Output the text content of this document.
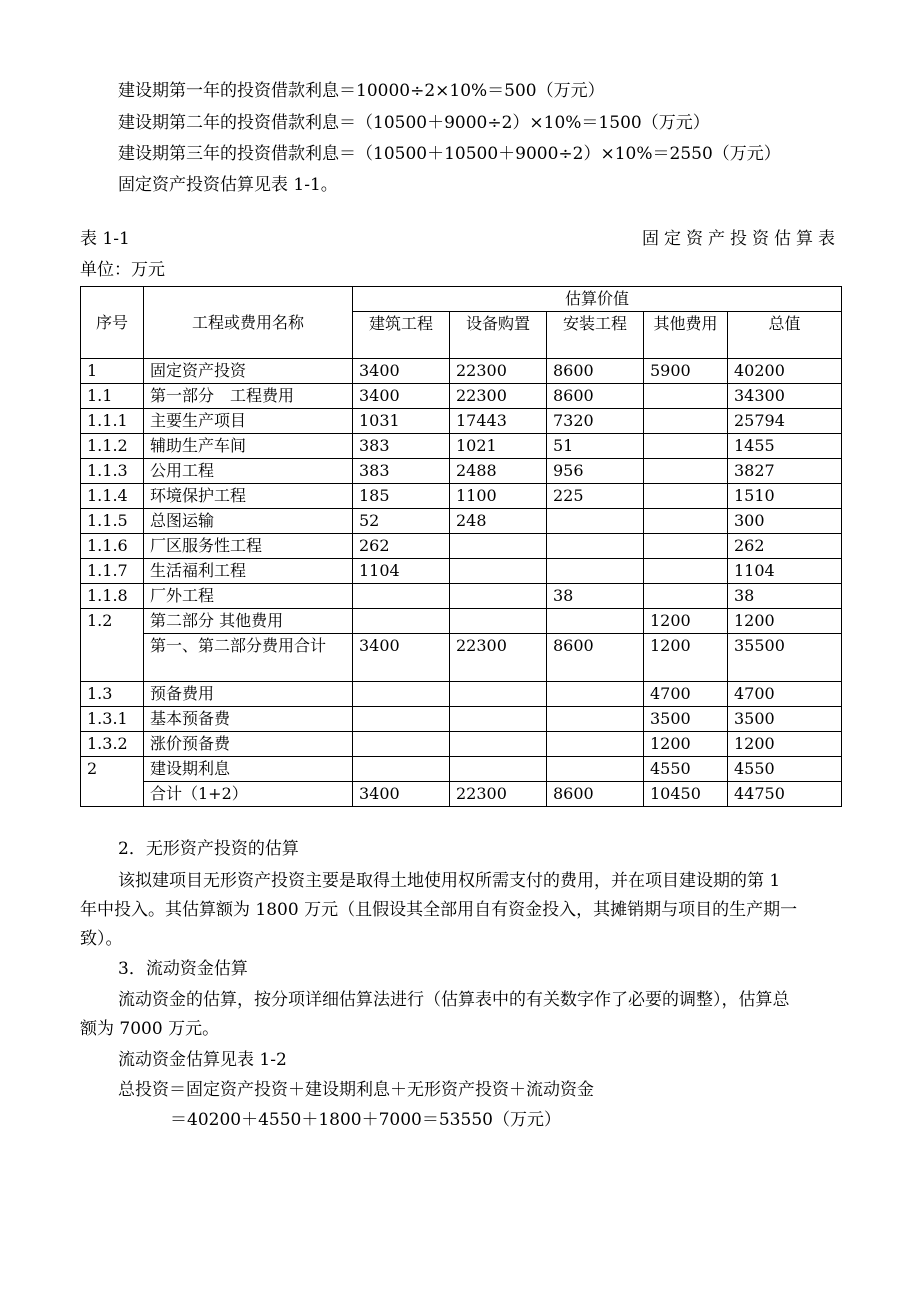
建设期第一年的投资借款利息＝10000÷2×10%＝500（万元）
建设期第二年的投资借款利息＝（10500＋9000÷2）×10%＝1500（万元）
建设期第三年的投资借款利息＝（10500＋10500＋9000÷2）×10%＝2550（万元）
固定资产投资估算见表 1-1。
表 1-1	固定资产投资估算表
单位：万元
序号	工程或费用名称	估算价值				
		建筑工程	设备购置	安装工程	其他费用	总值
1	固定资产投资	3400	22300	8600	5900	40200
1.1	第一部分　工程费用	3400	22300	8600		34300
1.1.1	主要生产项目	1031	17443	7320		25794
1.1.2	辅助生产车间	383	1021	51		1455
1.1.3	公用工程	383	2488	956		3827
1.1.4	环境保护工程	185	1100	225		1510
1.1.5	总图运输	52	248			300
1.1.6	厂区服务性工程	262				262
1.1.7	生活福利工程	1104				1104
1.1.8	厂外工程			38		38
1.2	第二部分 其他费用				1200	1200
	第一、第二部分费用合计	3400	22300	8600	1200	35500
1.3	预备费用				4700	4700
1.3.1	基本预备费				3500	3500
1.3.2	涨价预备费				1200	1200
2	建设期利息				4550	4550
	合计（1+2）	3400	22300	8600	10450	44750
2．无形资产投资的估算
该拟建项目无形资产投资主要是取得土地使用权所需支付的费用，并在项目建设期的第 1
年中投入。其估算额为 1800 万元（且假设其全部用自有资金投入，其摊销期与项目的生产期一
致）。
3．流动资金估算
流动资金的估算，按分项详细估算法进行（估算表中的有关数字作了必要的调整），估算总
额为 7000 万元。
流动资金估算见表 1-2
总投资＝固定资产投资＋建设期利息＋无形资产投资＋流动资金
＝40200＋4550＋1800＋7000＝53550（万元）
